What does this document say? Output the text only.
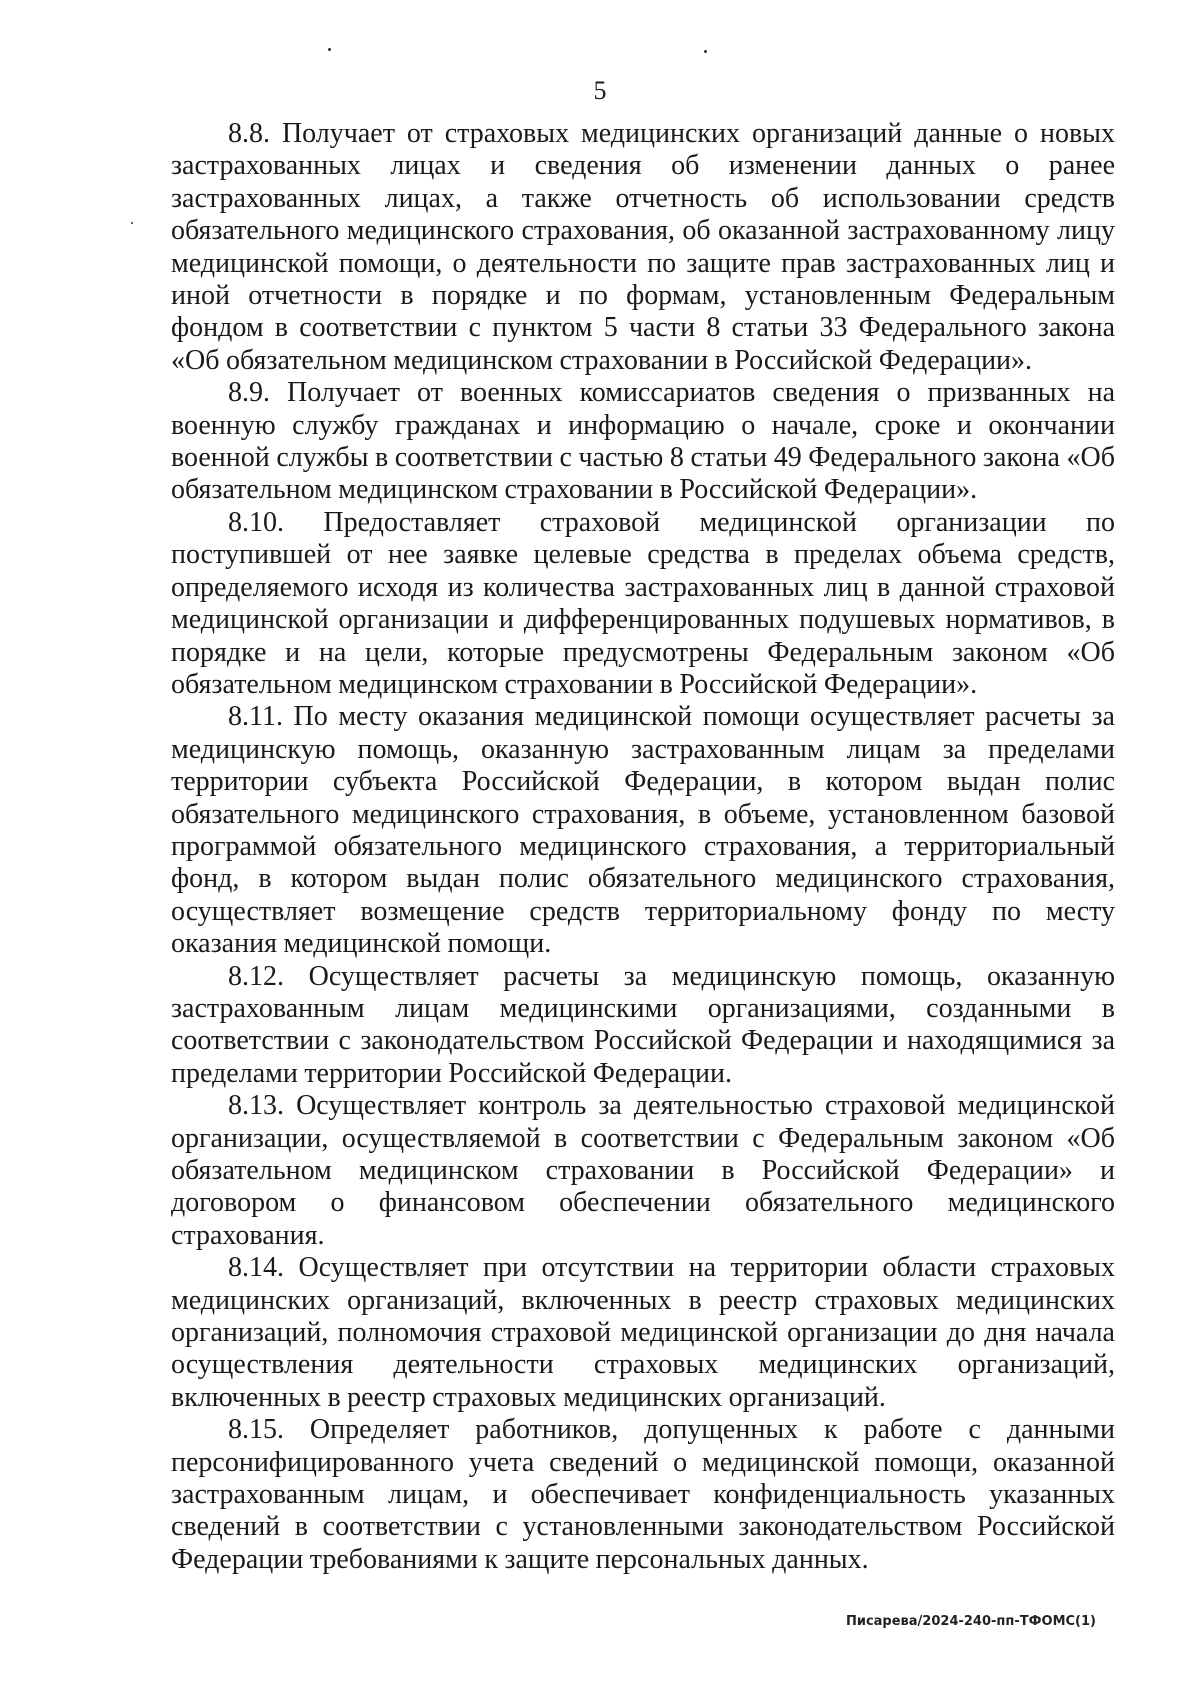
5

8.8. Получает от страховых медицинских организаций данные о новых застрахованных лицах и сведения об изменении данных о ранее застрахованных лицах, а также отчетность об использовании средств обязательного медицинского страхования, об оказанной застрахованному лицу медицинской помощи, о деятельности по защите прав застрахованных лиц и иной отчетности в порядке и по формам, установленным Федеральным фондом в соответствии с пунктом 5 части 8 статьи 33 Федерального закона «Об обязательном медицинском страховании в Российской Федерации».

8.9. Получает от военных комиссариатов сведения о призванных на военную службу гражданах и информацию о начале, сроке и окончании военной службы в соответствии с частью 8 статьи 49 Федерального закона «Об обязательном медицинском страховании в Российской Федерации».

8.10. Предоставляет страховой медицинской организации по поступившей от нее заявке целевые средства в пределах объема средств, определяемого исходя из количества застрахованных лиц в данной страховой медицинской организации и дифференцированных подушевых нормативов, в порядке и на цели, которые предусмотрены Федеральным законом «Об обязательном медицинском страховании в Российской Федерации».

8.11. По месту оказания медицинской помощи осуществляет расчеты за медицинскую помощь, оказанную застрахованным лицам за пределами территории субъекта Российской Федерации, в котором выдан полис обязательного медицинского страхования, в объеме, установленном базовой программой обязательного медицинского страхования, а территориальный фонд, в котором выдан полис обязательного медицинского страхования, осуществляет возмещение средств территориальному фонду по месту оказания медицинской помощи.

8.12. Осуществляет расчеты за медицинскую помощь, оказанную застрахованным лицам медицинскими организациями, созданными в соответствии с законодательством Российской Федерации и находящимися за пределами территории Российской Федерации.

8.13. Осуществляет контроль за деятельностью страховой медицинской организации, осуществляемой в соответствии с Федеральным законом «Об обязательном медицинском страховании в Российской Федерации» и договором о финансовом обеспечении обязательного медицинского страхования.

8.14. Осуществляет при отсутствии на территории области страховых медицинских организаций, включенных в реестр страховых медицинских организаций, полномочия страховой медицинской организации до дня начала осуществления деятельности страховых медицинских организаций, включенных в реестр страховых медицинских организаций.

8.15. Определяет работников, допущенных к работе с данными персонифицированного учета сведений о медицинской помощи, оказанной застрахованным лицам, и обеспечивает конфиденциальность указанных сведений в соответствии с установленными законодательством Российской Федерации требованиями к защите персональных данных.

Писарева/2024-240-пп-ТФОМС(1)
